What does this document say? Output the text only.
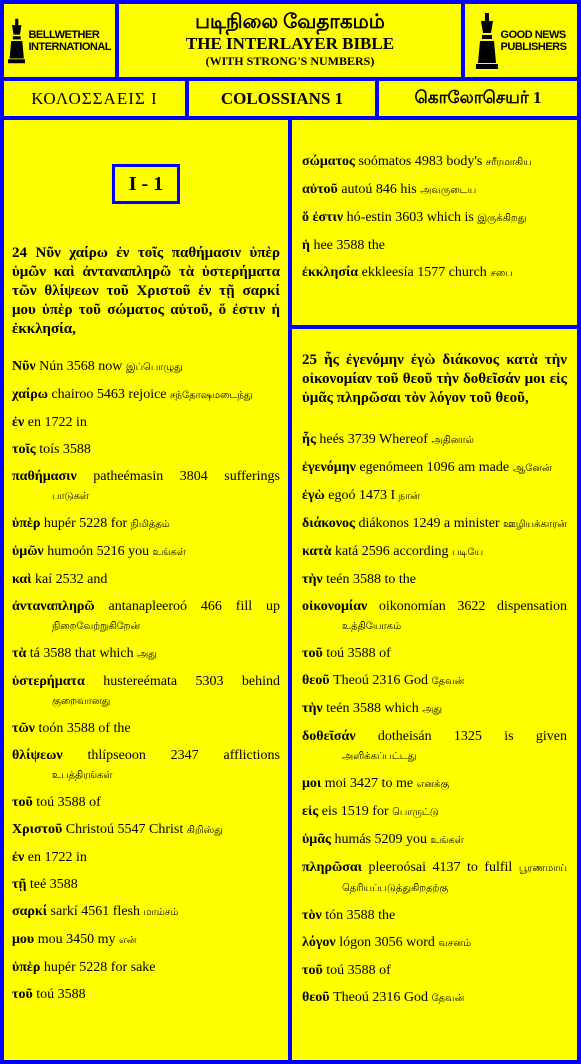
BELLWETHER
INTERNATIONAL
படிநிலை வேதாகமம்
THE INTERLAYER BIBLE
(WITH STRONG'S NUMBERS)
GOOD NEWS
PUBLISHERS
ΚΟΛΟΣΣΑΕΙΣ Ι	COLOSSIANS 1	கொலோசெயர் 1
I - 1
24 Νῦν χαίρω ἐν τοῖς παθήμασιν ὑπὲρ ὑμῶν καὶ ἀνταναπληρῶ τὰ ὑστερήματα τῶν θλίψεων τοῦ Χριστοῦ ἐν τῇ σαρκί μου ὑπὲρ τοῦ σώματος αὐτοῦ, ὅ ἐστιν ἡ ἐκκλησία,
Νῦν Nún 3568 now இப்பொழுது
χαίρω chairoo 5463 rejoice சந்தோஷமடைந்து
ἐν en 1722 in
τοῖς toís 3588
παθήμασιν patheémasin 3804 sufferings பாடுகள்
ὑπὲρ hupér 5228 for நிமித்தம்
ὑμῶν humoón 5216 you உங்கள்
καὶ kaí 2532 and
ἀνταναπληρῶ antanapleeroó 466 fill up நிறைவேற்றுகிறேன்
τὰ tá 3588 that which அது
ὑστερήματα hustereémata 5303 behind குறைவானது
τῶν toón 3588 of the
θλίψεων thlípseoon 2347 afflictions உபத்திரங்கள்
τοῦ toú 3588 of
Χριστοῦ Christoú 5547 Christ கிறிஸ்து
ἐν en 1722 in
τῇ teé 3588
σαρκί sarkí 4561 flesh மாம்சம்
μου mou 3450 my என்
ὑπὲρ hupér 5228 for sake
τοῦ toú 3588
σώματος soómatos 4983 body's சரீரமாகிய
αὐτοῦ autoú 846 his அவருடைய
ὅ ἐστιν hó-estin 3603 which is இருக்கிறது
ἡ hee 3588 the
ἐκκλησία ekkleesía 1577 church சபை
25 ἧς ἐγενόμην ἐγὼ διάκονος κατὰ τὴν οἰκονομίαν τοῦ θεοῦ τὴν δοθεῖσάν μοι εἰς ὑμᾶς πληρῶσαι τὸν λόγον τοῦ θεοῦ,
ἧς heés 3739 Whereof அதினால்
ἐγενόμην egenómeen 1096 am made ஆனேன்
ἐγὼ egoó 1473 I நான்
διάκονος diákonos 1249 a minister ஊழியக்காரன்
κατὰ katá 2596 according படியே
τὴν teén 3588 to the
οἰκονομίαν oikonomían 3622 dispensation உத்தியோகம்
τοῦ toú 3588 of
θεοῦ Theoú 2316 God தேவன்
τὴν teén 3588 which அது
δοθεῖσάν dotheisán 1325 is given அளிக்கப்பட்டது
μοι moi 3427 to me எனக்கு
εἰς eis 1519 for பொருட்டு
ὑμᾶς humás 5209 you உங்கள்
πληρῶσαι pleeroósai 4137 to fulfil பூரணமாய் தெரியப்படுத்துகிறதற்கு
τὸν tón 3588 the
λόγον lógon 3056 word வசனம்
τοῦ toú 3588 of
θεοῦ Theoú 2316 God தேவன்
